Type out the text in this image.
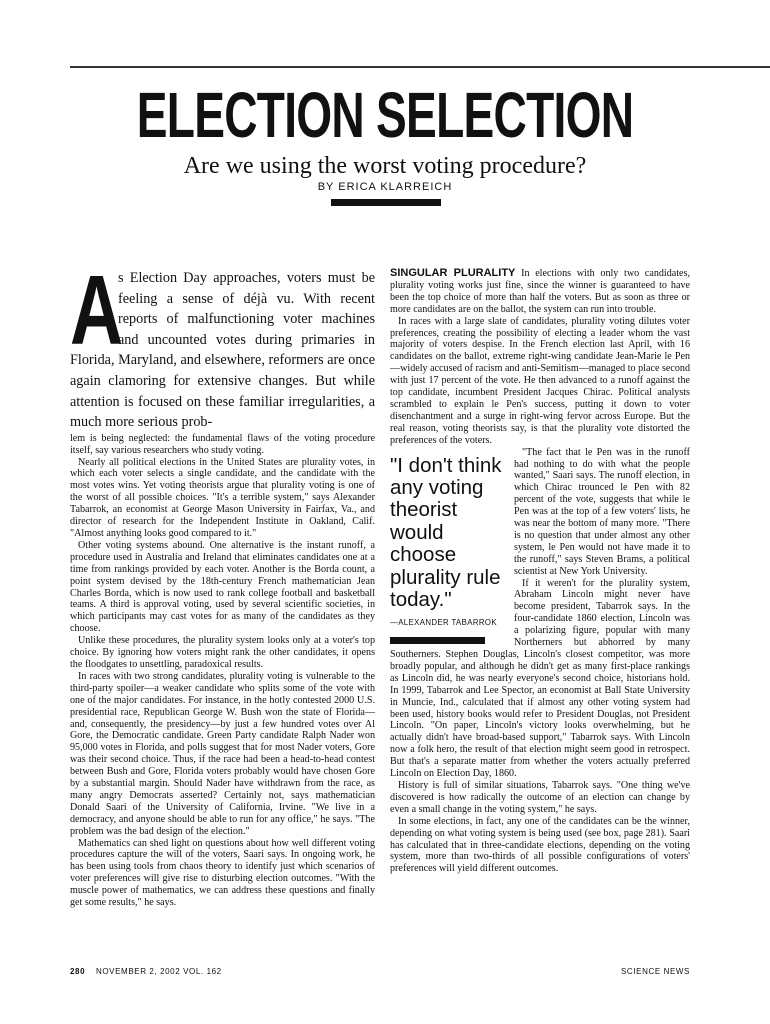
ELECTION SELECTION
Are we using the worst voting procedure?
BY ERICA KLARREICH
A

s Election Day approaches, voters must be feeling a sense of déjà vu. With recent reports of malfunctioning voter machines and uncounted votes during primaries in Florida, Maryland, and elsewhere, reformers are once again clamoring for extensive changes. But while attention is focused on these familiar irregularities, a much more serious prob-

lem is being neglected: the fundamental flaws of the voting procedure itself, say various researchers who study voting.

Nearly all political elections in the United States are plurality votes, in which each voter selects a single candidate, and the candidate with the most votes wins. Yet voting theorists argue that plurality voting is one of the worst of all possible choices. "It's a terrible system," says Alexander Tabarrok, an economist at George Mason University in Fairfax, Va., and director of research for the Independent Institute in Oakland, Calif. "Almost anything looks good compared to it."

Other voting systems abound. One alternative is the instant runoff, a procedure used in Australia and Ireland that eliminates candidates one at a time from rankings provided by each voter. Another is the Borda count, a point system devised by the 18th-century French mathematician Jean Charles Borda, which is now used to rank college football and basketball teams. A third is approval voting, used by several scientific societies, in which participants may cast votes for as many of the candidates as they choose.

Unlike these procedures, the plurality system looks only at a voter's top choice. By ignoring how voters might rank the other candidates, it opens the floodgates to unsettling, paradoxical results.

In races with two strong candidates, plurality voting is vulnerable to the third-party spoiler—a weaker candidate who splits some of the vote with one of the major candidates. For instance, in the hotly contested 2000 U.S. presidential race, Republican George W. Bush won the state of Florida—and, consequently, the presidency—by just a few hundred votes over Al Gore, the Democratic candidate. Green Party candidate Ralph Nader won 95,000 votes in Florida, and polls suggest that for most Nader voters, Gore was their second choice. Thus, if the race had been a head-to-head contest between Bush and Gore, Florida voters probably would have chosen Gore by a substantial margin. Should Nader have withdrawn from the race, as many angry Democrats asserted? Certainly not, says mathematician Donald Saari of the University of California, Irvine. "We live in a democracy, and anyone should be able to run for any office," he says. "The problem was the bad design of the election."

Mathematics can shed light on questions about how well different voting procedures capture the will of the voters, Saari says. In ongoing work, he has been using tools from chaos theory to identify just which scenarios of voter preferences will give rise to disturbing election outcomes. "With the muscle power of mathematics, we can address these questions and finally get some results," he says.

SINGULAR PLURALITY In elections with only two candidates, plurality voting works just fine, since the winner is guaranteed to have been the top choice of more than half the voters. But as soon as three or more candidates are on the ballot, the system can run into trouble.

In races with a large slate of candidates, plurality voting dilutes voter preferences, creating the possibility of electing a leader whom the vast majority of voters despise. In the French election last April, with 16 candidates on the ballot, extreme right-wing candidate Jean-Marie le Pen—widely accused of racism and anti-Semitism—managed to place second with just 17 percent of the vote. He then advanced to a runoff against the top candidate, incumbent President Jacques Chirac. Political analysts scrambled to explain le Pen's success, putting it down to voter disenchantment and a surge in right-wing fervor across Europe. But the real reason, voting theorists say, is that the plurality vote distorted the preferences of the voters.

"I don't think any voting theorist would choose plurality rule today."
—ALEXANDER TABARROK
"The fact that le Pen was in the runoff had nothing to do with what the people wanted," Saari says. The runoff election, in which Chirac trounced le Pen with 82 percent of the vote, suggests that while le Pen was at the top of a few voters' lists, he was near the bottom of many more. "There is no question that under almost any other system, le Pen would not have made it to the runoff," says Steven Brams, a political scientist at New York University.

If it weren't for the plurality system, Abraham Lincoln might never have become president, Tabarrok says. In the four-candidate 1860 election, Lincoln was a polarizing figure, popular with many Northerners but abhorred by many Southerners. Stephen Douglas, Lincoln's closest competitor, was more broadly popular, and although he didn't get as many first-place rankings as Lincoln did, he was nearly everyone's second choice, historians hold. In 1999, Tabarrok and Lee Spector, an economist at Ball State University in Muncie, Ind., calculated that if almost any other voting system had been used, history books would refer to President Douglas, not President Lincoln. "On paper, Lincoln's victory looks overwhelming, but he actually didn't have broad-based support," Tabarrok says. With Lincoln now a folk hero, the result of that election might seem good in retrospect. But that's a separate matter from whether the voters actually preferred Lincoln on Election Day, 1860.

History is full of similar situations, Tabarrok says. "One thing we've discovered is how radically the outcome of an election can change by even a small change in the voting system," he says.

In some elections, in fact, any one of the candidates can be the winner, depending on what voting system is being used (see box, page 281). Saari has calculated that in three-candidate elections, depending on the voting system, more than two-thirds of all possible configurations of voters' preferences will yield different outcomes.

280 NOVEMBER 2, 2002 VOL. 162	SCIENCE NEWS
